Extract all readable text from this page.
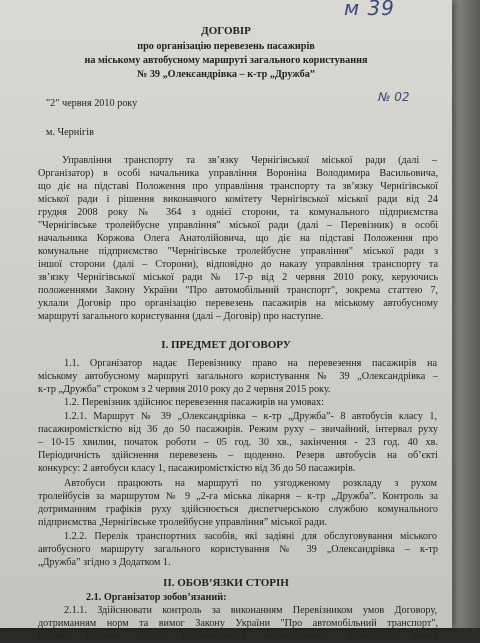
м 39
№ 02
ДОГОВІР
про організацію перевезень пасажирів
на міському автобусному маршруті загального користування
№ 39 „Олександрівка – к-тр „Дружба”
"2" червня 2010 року
м. Чернігів
Управління транспорту та зв’язку Чернігівської міської ради (далі –
Організатор) в особі начальника управління Вороніна Володимира Васильовича,
що діє на підставі Положення про управління транспорту та зв’язку Чернігівської
міської ради і рішення виконавчого комітету Чернігівської міської ради від 24
грудня 2008 року № 364 з однієї сторони, та комунального підприємства
"Чернігівське тролейбусне управління" міської ради (далі – Перевізник) в особі
начальника Коржова Олега Анатолійовича, що діє на підставі Положення про
комунальне підприємство "Чернігівське тролейбусне управління" міської ради з
іншої сторони (далі – Сторони), відповідно до наказу управління транспорту та
зв’язку Чернігівської міської ради № 17-р від 2 червня 2010 року, керуючись
положеннями Закону України "Про автомобільний транспорт", зокрема статтею 7,
уклали Договір про організацію перевезень пасажирів на міському автобусному
маршруті загального користування (далі – Договір) про наступне.
І. ПРЕДМЕТ ДОГОВОРУ
1.1. Організатор надає Перевізнику право на перевезення пасажирів на
міському автобусному маршруті загального користування № 39 „Олександрівка –
к-тр „Дружба” строком з 2 червня 2010 року до 2 червня 2015 року.
1.2. Перевізник здійснює перевезення пасажирів на умовах:
1.2.1. Маршрут № 39 „Олександрівка – к-тр „Дружба”- 8 автобусів класу 1,
пасажиромісткістю від 36 до 50 пасажирів. Режим руху – звичайний, інтервал руху
– 10-15 хвилин, початок роботи – 05 год. 30 хв., закінчення - 23 год. 40 хв.
Періодичність здійснення перевезень – щоденно. Резерв автобусів на об’єкті
конкурсу: 2 автобуси класу 1, пасажиромісткістю від 36 до 50 пасажирів.
Автобуси працюють на маршруті по узгодженому розкладу з рухом
тролейбусів за маршрутом № 9 „2-га міська лікарня – к-тр „Дружба”. Контроль за
дотриманням графіків руху здійснюється диспетчерською службою комунального
підприємства „Чернігівське тролейбусне управління” міської ради.
1.2.2. Перелік транспортних засобів, які задіяні для обслуговування міського
автобусного маршруту загального користування № 39 „Олександрівка – к-тр
„Дружба” згідно з Додатком 1.
ІІ. ОБОВ’ЯЗКИ СТОРІН
2.1. Організатор зобов’язаний:
2.1.1. Здійснювати контроль за виконанням Перевізником умов Договору,
дотриманням норм та вимог Закону України "Про автомобільний транспорт",
Правил надання послуг пасажирського автомобільного транспорту, інших
